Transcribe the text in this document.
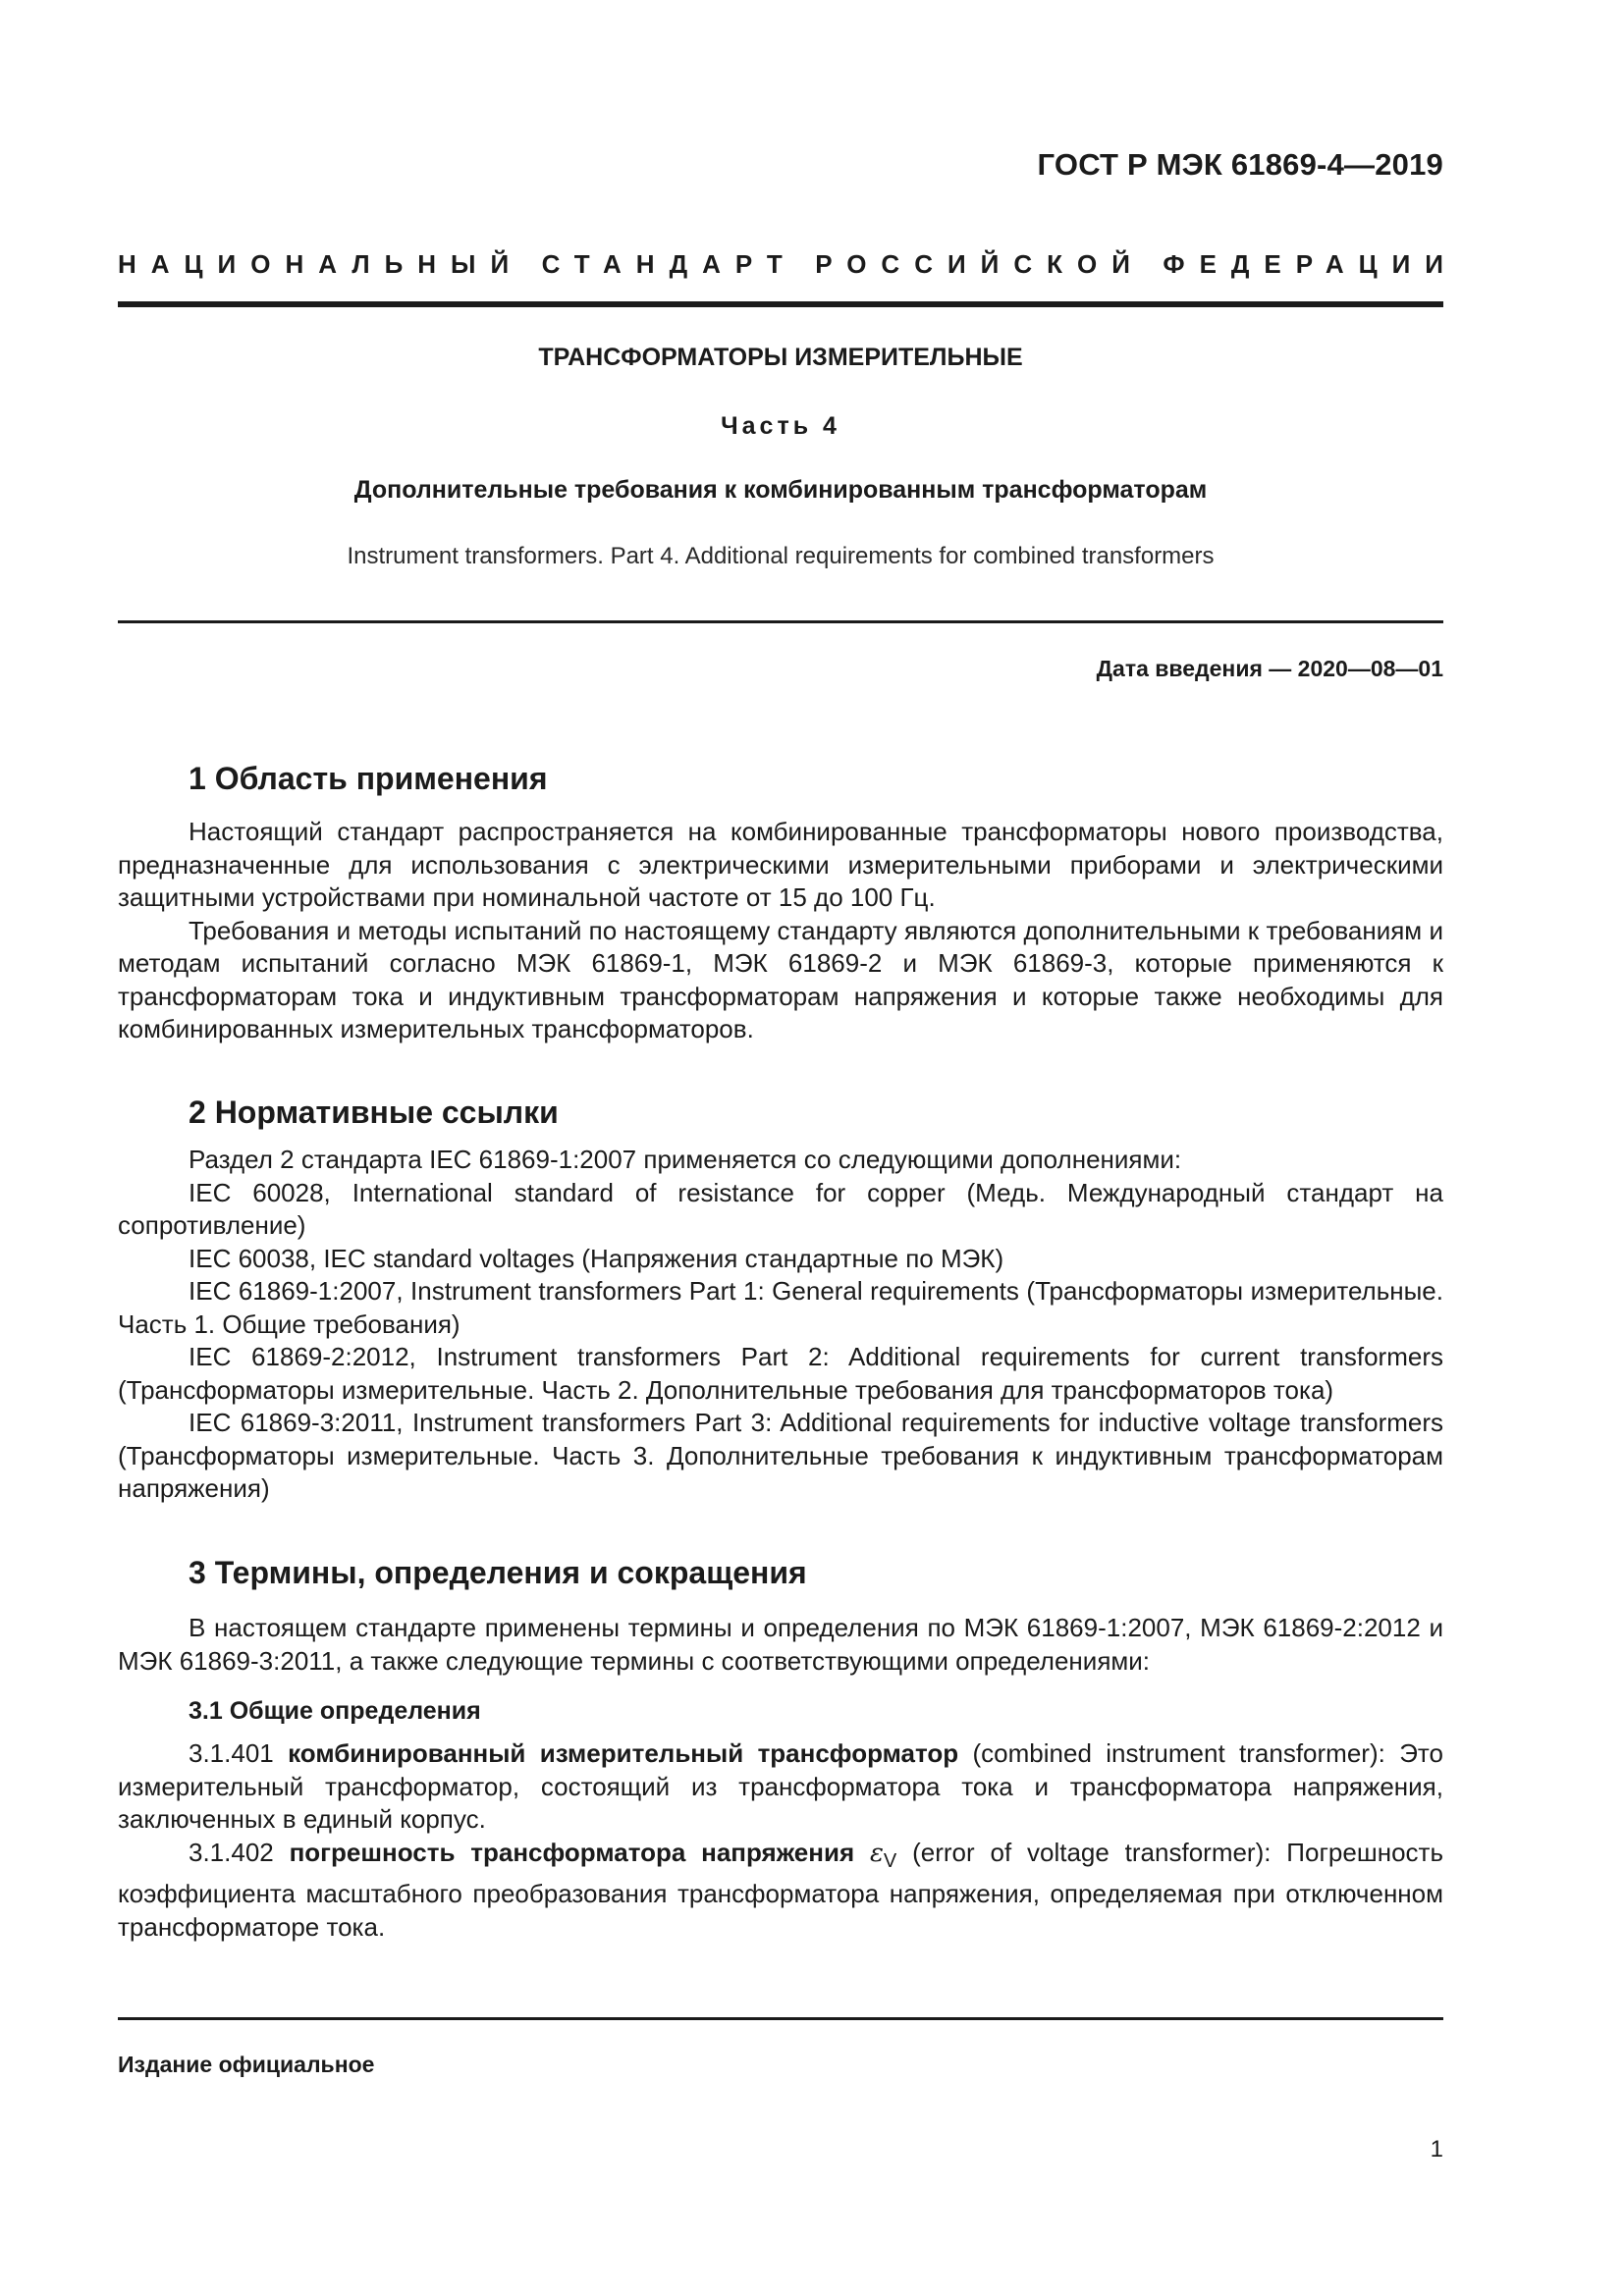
ГОСТ Р МЭК 61869-4—2019
НАЦИОНАЛЬНЫЙ СТАНДАРТ РОССИЙСКОЙ ФЕДЕРАЦИИ
ТРАНСФОРМАТОРЫ ИЗМЕРИТЕЛЬНЫЕ
Часть 4
Дополнительные требования к комбинированным трансформаторам
Instrument transformers. Part 4. Additional requirements for combined transformers
Дата введения — 2020—08—01
1 Область применения

Настоящий стандарт распространяется на комбинированные трансформаторы нового производства, предназначенные для использования с электрическими измерительными приборами и электрическими защитными устройствами при номинальной частоте от 15 до 100 Гц.

Требования и методы испытаний по настоящему стандарту являются дополнительными к требованиям и методам испытаний согласно МЭК 61869-1, МЭК 61869-2 и МЭК 61869-3, которые применяются к трансформаторам тока и индуктивным трансформаторам напряжения и которые также необходимы для комбинированных измерительных трансформаторов.

2 Нормативные ссылки

Раздел 2 стандарта IEC 61869-1:2007 применяется со следующими дополнениями:

IEC 60028, International standard of resistance for copper (Медь. Международный стандарт на сопротивление)

IEC 60038, IEC standard voltages (Напряжения стандартные по МЭК)

IEC 61869-1:2007, Instrument transformers Part 1: General requirements (Трансформаторы измерительные. Часть 1. Общие требования)

IEC 61869-2:2012, Instrument transformers Part 2: Additional requirements for current transformers (Трансформаторы измерительные. Часть 2. Дополнительные требования для трансформаторов тока)

IEC 61869-3:2011, Instrument transformers Part 3: Additional requirements for inductive voltage transformers (Трансформаторы измерительные. Часть 3. Дополнительные требования к индуктивным трансформаторам напряжения)

3 Термины, определения и сокращения

В настоящем стандарте применены термины и определения по МЭК 61869-1:2007, МЭК 61869-2:2012 и МЭК 61869-3:2011, а также следующие термины с соответствующими определениями:

3.1 Общие определения

3.1.401 комбинированный измерительный трансформатор (combined instrument transformer): Это измерительный трансформатор, состоящий из трансформатора тока и трансформатора напряжения, заключенных в единый корпус.

3.1.402 погрешность трансформатора напряжения $\varepsilon_V$ (error of voltage transformer): Погрешность коэффициента масштабного преобразования трансформатора напряжения, определяемая при отключенном трансформаторе тока.

Издание официальное
1
